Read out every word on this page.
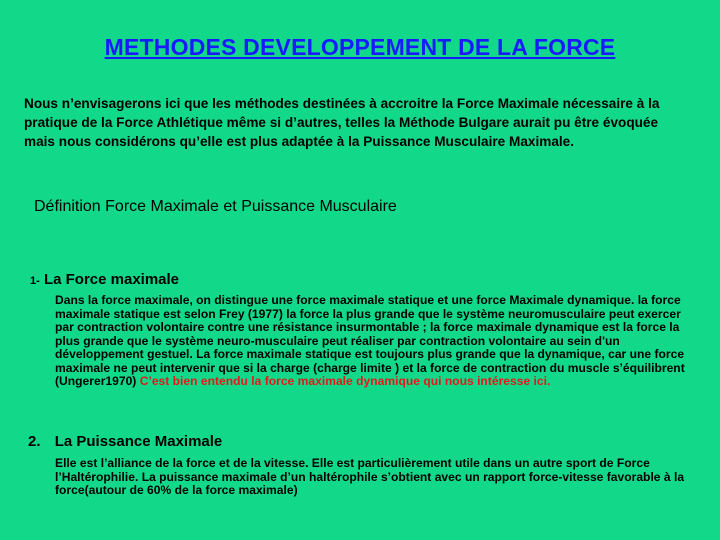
METHODES DEVELOPPEMENT DE LA FORCE
Nous n’envisagerons ici que les méthodes destinées à accroitre la Force Maximale nécessaire à la pratique de la Force Athlétique même si d’autres, telles la Méthode Bulgare aurait pu être évoquée mais nous considérons qu’elle est plus adaptée à la Puissance Musculaire Maximale.
Définition Force Maximale et Puissance Musculaire
1- La Force maximale
Dans la force maximale, on distingue une force maximale statique et une force Maximale dynamique. la force maximale statique est selon Frey (1977) la force la plus grande que le système neuromusculaire peut exercer par contraction volontaire contre une résistance insurmontable ; la force maximale dynamique est la force la plus grande que le système neuro-musculaire peut réaliser par contraction volontaire au sein d'un développement gestuel. La force maximale statique est toujours plus grande que la dynamique, car une force maximale ne peut intervenir que si la charge (charge limite ) et la force de contraction du muscle s’équilibrent (Ungerer1970) C’est bien entendu la force maximale dynamique qui nous intéresse ici.
2. La Puissance Maximale
Elle est l’alliance de la force et de la vitesse. Elle est particulièrement utile dans un autre sport de Force l’Haltérophilie. La puissance maximale d’un haltérophile s’obtient avec un rapport force-vitesse favorable à la force(autour de 60% de la force maximale)
